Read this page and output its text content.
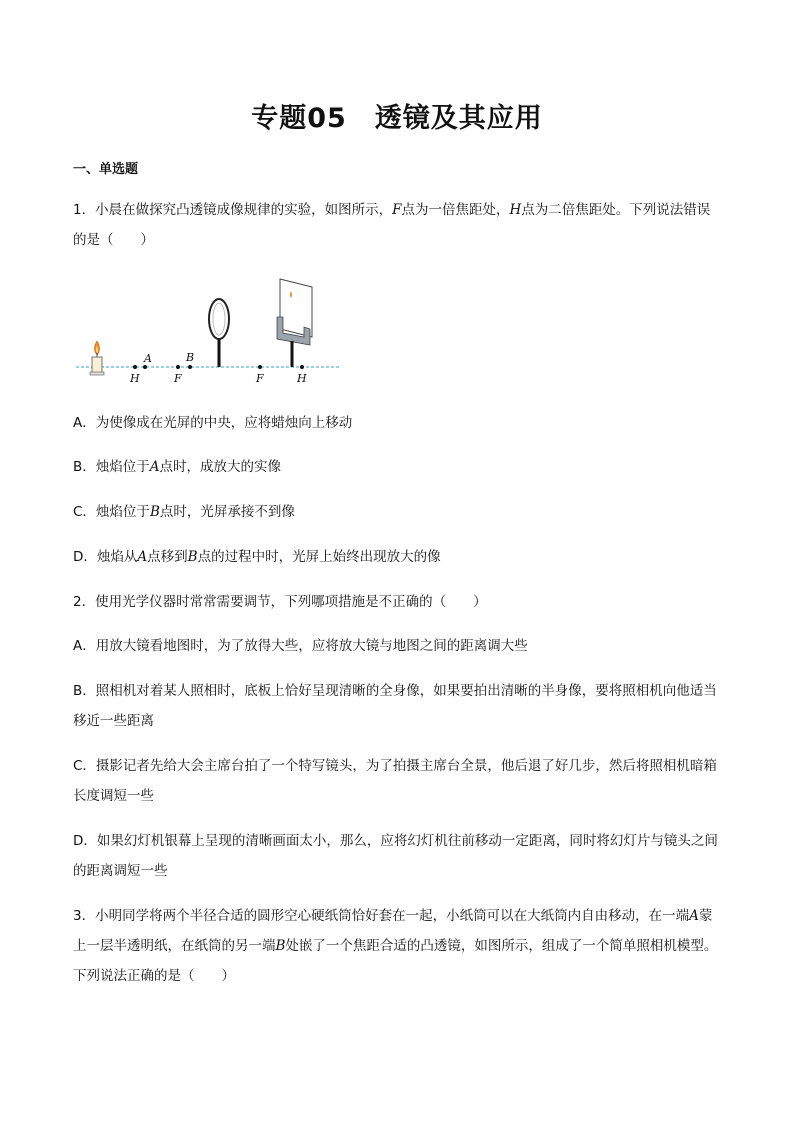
专题05　透镜及其应用
一、单选题
1．小晨在做探究凸透镜成像规律的实验，如图所示，F点为一倍焦距处，H点为二倍焦距处。下列说法错误的是（　　）
A	B
H	F	F	H
A．为使像成在光屏的中央，应将蜡烛向上移动
B．烛焰位于A点时，成放大的实像
C．烛焰位于B点时，光屏承接不到像
D．烛焰从A点移到B点的过程中时，光屏上始终出现放大的像
2．使用光学仪器时常常需要调节，下列哪项措施是不正确的（　　）
A．用放大镜看地图时，为了放得大些，应将放大镜与地图之间的距离调大些
B．照相机对着某人照相时，底板上恰好呈现清晰的全身像，如果要拍出清晰的半身像，要将照相机向他适当移近一些距离
C．摄影记者先给大会主席台拍了一个特写镜头，为了拍摄主席台全景，他后退了好几步，然后将照相机暗箱长度调短一些
D．如果幻灯机银幕上呈现的清晰画面太小，那么，应将幻灯机往前移动一定距离，同时将幻灯片与镜头之间的距离调短一些
3．小明同学将两个半径合适的圆形空心硬纸筒恰好套在一起，小纸筒可以在大纸筒内自由移动，在一端A蒙上一层半透明纸，在纸筒的另一端B处嵌了一个焦距合适的凸透镜，如图所示，组成了一个简单照相机模型。下列说法正确的是（　　）
